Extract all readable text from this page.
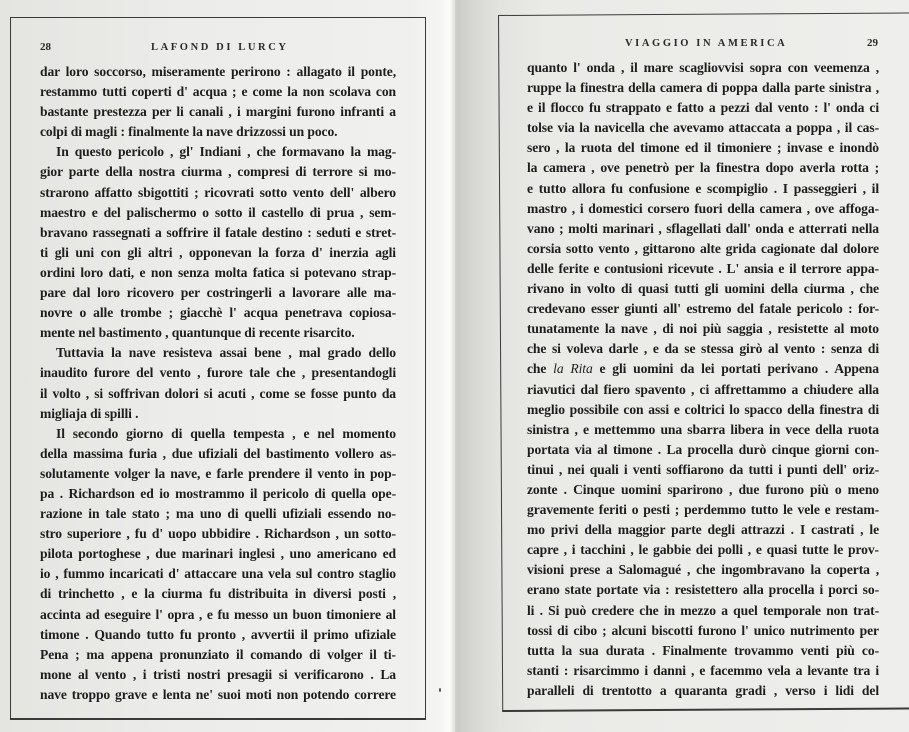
28	LAFOND DI LURCY	VIAGGIO IN AMERICA	29
dar loro soccorso, miseramente perirono : allagato il ponte,
restammo tutti coperti d' acqua ; e come la non scolava con
bastante prestezza per li canali , i margini furono infranti a
colpi di magli : finalmente la nave drizzossi un poco.
In questo pericolo , gl' Indiani , che formavano la mag-
gior parte della nostra ciurma , compresi di terrore si mo-
strarono affatto sbigottiti ; ricovrati sotto vento dell' albero
maestro e del palischermo o sotto il castello di prua , sem-
bravano rassegnati a soffrire il fatale destino : seduti e stret-
ti gli uni con gli altri , opponevan la forza d' inerzia agli
ordini loro dati, e non senza molta fatica si potevano strap-
pare dal loro ricovero per costringerli a lavorare alle ma-
novre o alle trombe ; giacchè l' acqua penetrava copiosa-
mente nel bastimento , quantunque di recente risarcito.
Tuttavia la nave resisteva assai bene , mal grado dello
inaudito furore del vento , furore tale che , presentandogli
il volto , si soffrivan dolori si acuti , come se fosse punto da
migliaja di spilli .
Il secondo giorno di quella tempesta , e nel momento
della massima furia , due ufiziali del bastimento vollero as-
solutamente volger la nave, e farle prendere il vento in pop-
pa . Richardson ed io mostrammo il pericolo di quella ope-
razione in tale stato ; ma uno di quelli ufiziali essendo no-
stro superiore , fu d' uopo ubbidire . Richardson , un sotto-
pilota portoghese , due marinari inglesi , uno americano ed
io , fummo incaricati d' attaccare una vela sul contro staglio
di trinchetto , e la ciurma fu distribuita in diversi posti ,
accinta ad eseguire l' opra , e fu messo un buon timoniere al
timone . Quando tutto fu pronto , avvertii il primo ufiziale
Pena ; ma appena pronunziato il comando di volger il ti-
mone al vento , i tristi nostri presagii si verificarono . La
nave troppo grave e lenta ne' suoi moti non potendo correre
quanto l' onda , il mare scagliovvisi sopra con veemenza ,
ruppe la finestra della camera di poppa dalla parte sinistra ,
e il flocco fu strappato e fatto a pezzi dal vento : l' onda ci
tolse via la navicella che avevamo attaccata a poppa , il cas-
sero , la ruota del timone ed il timoniere ; invase e inondò
la camera , ove penetrò per la finestra dopo averla rotta ;
e tutto allora fu confusione e scompiglio . I passeggieri , il
mastro , i domestici corsero fuori della camera , ove affoga-
vano ; molti marinari , sflagellati dall' onda e atterrati nella
corsia sotto vento , gittarono alte grida cagionate dal dolore
delle ferite e contusioni ricevute . L' ansia e il terrore appa-
rivano in volto di quasi tutti gli uomini della ciurma , che
credevano esser giunti all' estremo del fatale pericolo : for-
tunatamente la nave , di noi più saggia , resistette al moto
che si voleva darle , e da se stessa girò al vento : senza di
che la Rita e gli uomini da lei portati perivano . Appena
riavutici dal fiero spavento , ci affrettammo a chiudere alla
meglio possibile con assi e coltrici lo spacco della finestra di
sinistra , e mettemmo una sbarra libera in vece della ruota
portata via al timone . La procella durò cinque giorni con-
tinui , nei quali i venti soffiarono da tutti i punti dell' oriz-
zonte . Cinque uomini sparirono , due furono più o meno
gravemente feriti o pesti ; perdemmo tutto le vele e restam-
mo privi della maggior parte degli attrazzi . I castrati , le
capre , i tacchini , le gabbie dei polli , e quasi tutte le prov-
visioni prese a Salomagué , che ingombravano la coperta ,
erano state portate via : resistettero alla procella i porci so-
li . Si può credere che in mezzo a quel temporale non trat-
tossi di cibo ; alcuni biscotti furono l' unico nutrimento per
tutta la sua durata . Finalmente trovammo venti più co-
stanti : risarcimmo i danni , e facemmo vela a levante tra i
paralleli di trentotto a quaranta gradi , verso i lidi del
